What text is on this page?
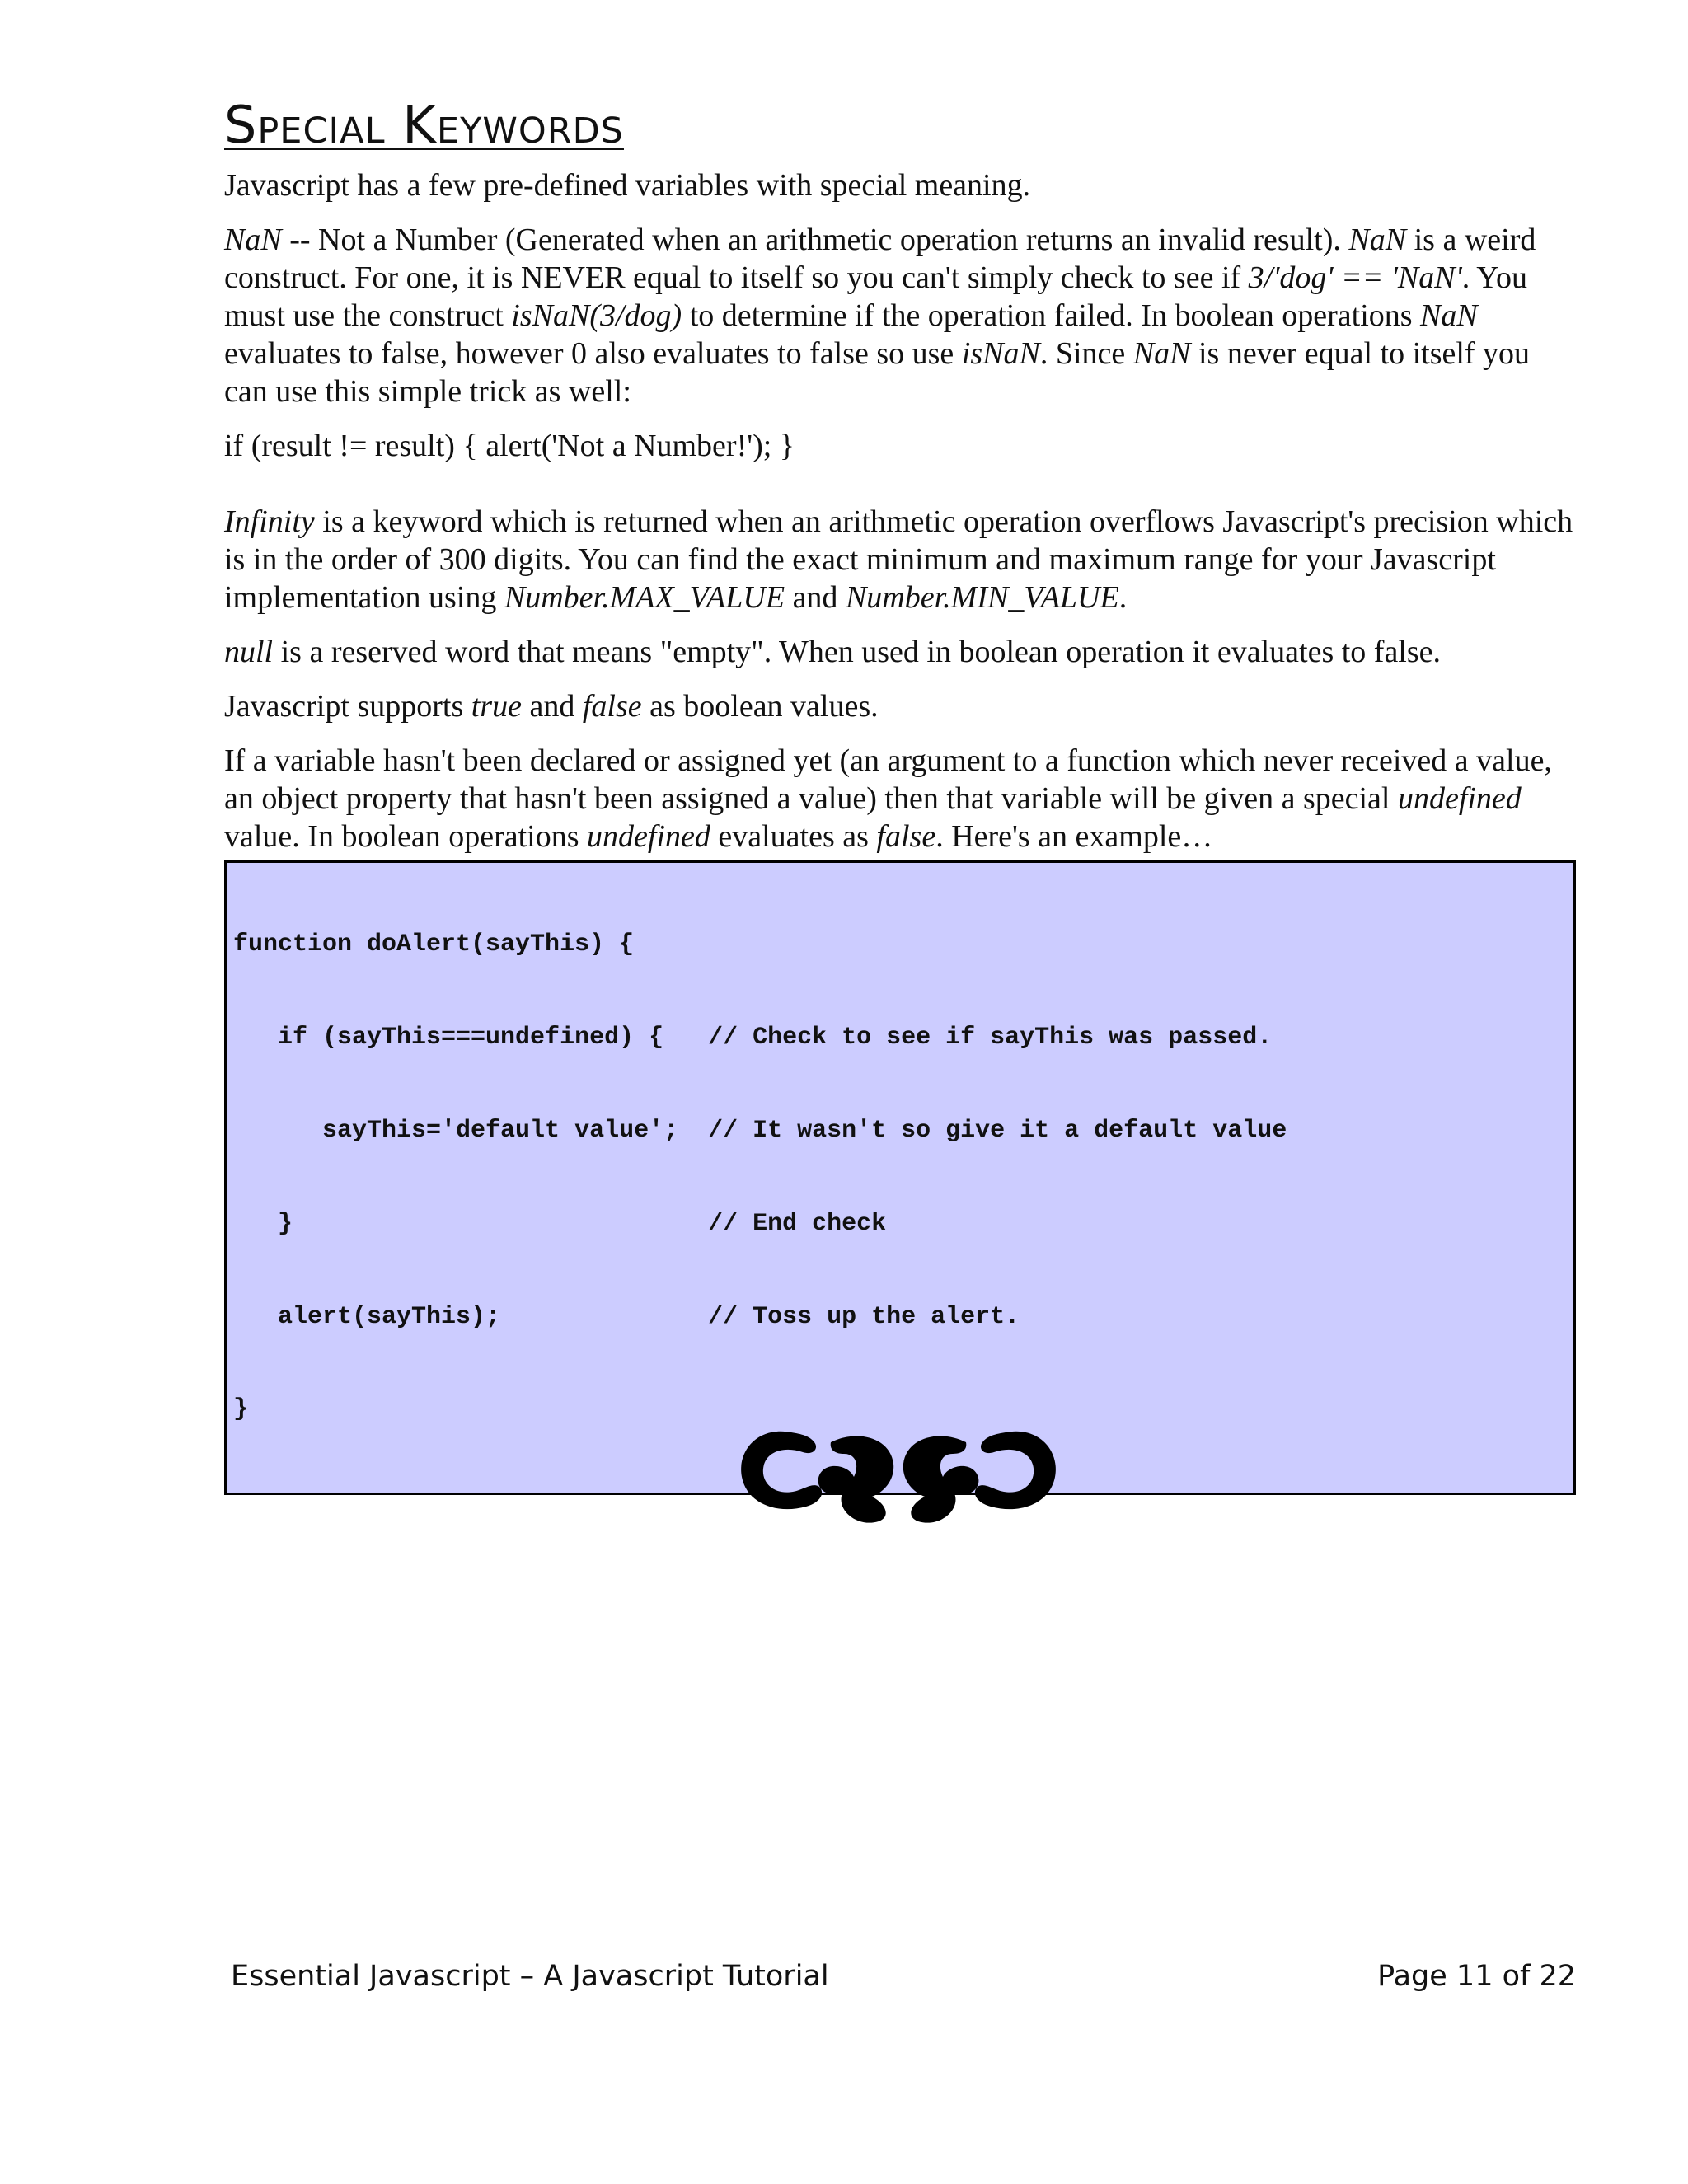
Special Keywords

Javascript has a few pre-defined variables with special meaning.

NaN -- Not a Number (Generated when an arithmetic operation returns an invalid result). NaN is a weird construct. For one, it is NEVER equal to itself so you can't simply check to see if 3/'dog' == 'NaN'. You must use the construct isNaN(3/dog) to determine if the operation failed. In boolean operations NaN evaluates to false, however 0 also evaluates to false so use isNaN. Since NaN is never equal to itself you can use this simple trick as well:

if (result != result) { alert('Not a Number!'); }

Infinity is a keyword which is returned when an arithmetic operation overflows Javascript's precision which is in the order of 300 digits. You can find the exact minimum and maximum range for your Javascript implementation using Number.MAX_VALUE and Number.MIN_VALUE.

null is a reserved word that means "empty". When used in boolean operation it evaluates to false.

Javascript supports true and false as boolean values.

If a variable hasn't been declared or assigned yet (an argument to a function which never received a value, an object property that hasn't been assigned a value) then that variable will be given a special undefined value. In boolean operations undefined evaluates as false. Here's an example…

function doAlert(sayThis) {

if (sayThis===undefined) {   // Check to see if sayThis was passed.

sayThis='default value';  // It wasn't so give it a default value

}                            // End check

alert(sayThis);              // Toss up the alert.

}

Essential Javascript – A Javascript Tutorial	Page 11 of 22
